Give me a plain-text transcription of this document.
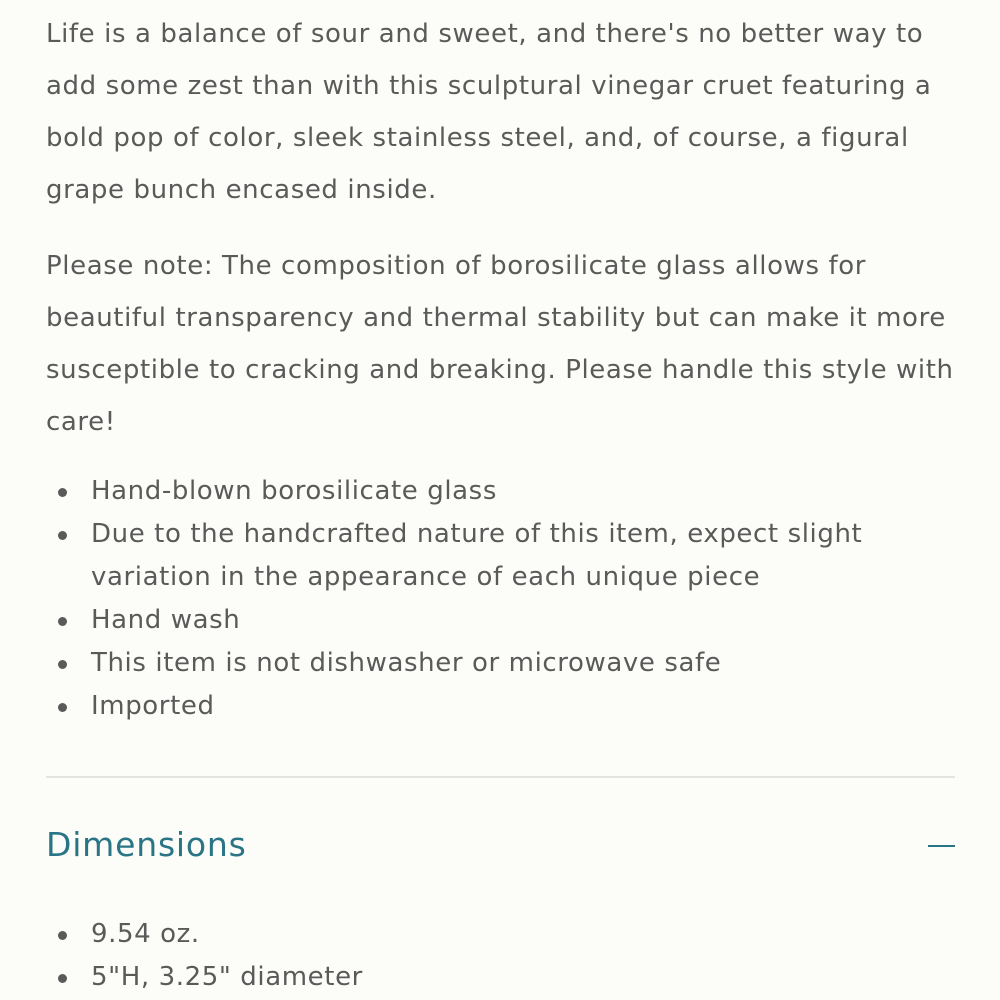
Life is a balance of sour and sweet, and there's no better way to add some zest than with this sculptural vinegar cruet featuring a bold pop of color, sleek stainless steel, and, of course, a figural grape bunch encased inside.

Please note: The composition of borosilicate glass allows for beautiful transparency and thermal stability but can make it more susceptible to cracking and breaking. Please handle this style with care!

Hand-blown borosilicate glass
Due to the handcrafted nature of this item, expect slight variation in the appearance of each unique piece
Hand wash
This item is not dishwasher or microwave safe
Imported
9.54 oz.
5"H, 3.25" diameter
Dimensions
